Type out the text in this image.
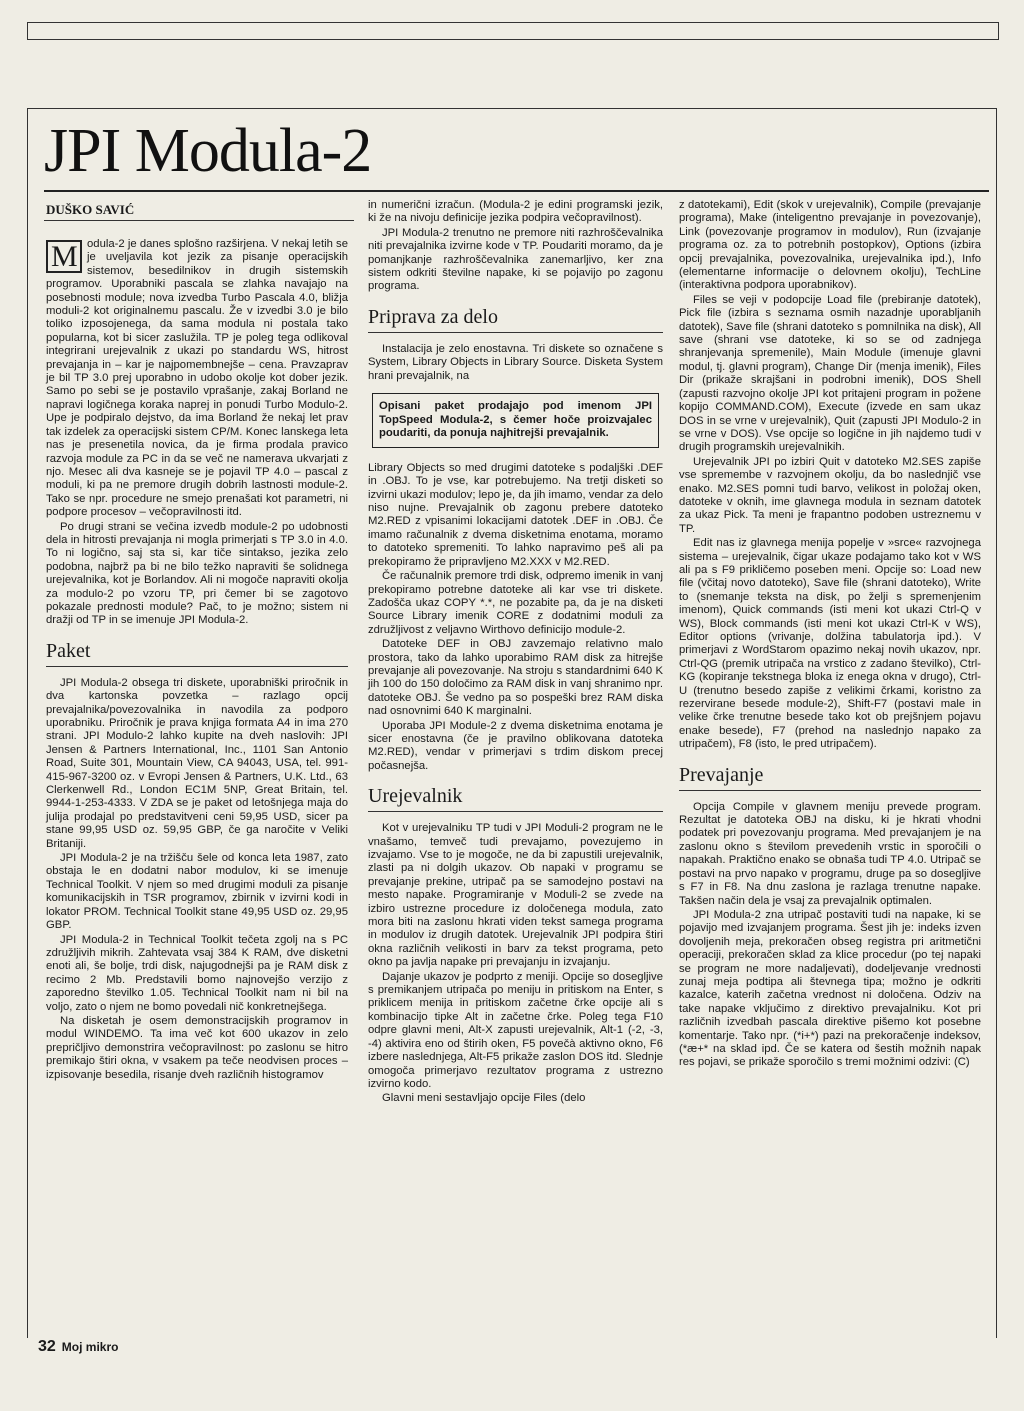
JPI Modula-2
DUŠKO SAVIĆ

M odula-2 je danes splošno razširjena. V nekaj letih se je uveljavila kot jezik za pisanje operacijskih sistemov, besedilnikov in drugih sistemskih programov. Uporabniki pascala se zlahka navajajo na posebnosti module; nova izvedba Turbo Pascala 4.0, bližja moduli-2 kot originalnemu pascalu. Že v izvedbi 3.0 je bilo toliko izposojenega, da sama modula ni postala tako popularna, kot bi sicer zaslužila. TP je poleg tega odlikoval integrirani urejevalnik z ukazi po standardu WS, hitrost prevajanja in – kar je najpomembnejše – cena. Pravzaprav je bil TP 3.0 prej uporabno in udobo okolje kot dober jezik. Samo po sebi se je postavilo vprašanje, zakaj Borland ne napravi logičnega koraka naprej in ponudi Turbo Modulo-2. Upe je podpiralo dejstvo, da ima Borland že nekaj let prav tak izdelek za operacijski sistem CP/M. Konec lanskega leta nas je presenetila novica, da je firma prodala pravico razvoja module za PC in da se več ne namerava ukvarjati z njo. Mesec ali dva kasneje se je pojavil TP 4.0 – pascal z moduli, ki pa ne premore drugih dobrih lastnosti module-2. Tako se npr. procedure ne smejo prenašati kot parametri, ni podpore procesov – večopravilnosti itd.

Po drugi strani se večina izvedb module-2 po udobnosti dela in hitrosti prevajanja ni mogla primerjati s TP 3.0 in 4.0. To ni logično, saj sta si, kar tiče sintakso, jezika zelo podobna, najbrž pa bi ne bilo težko napraviti še solidnega urejevalnika, kot je Borlandov. Ali ni mogoče napraviti okolja za modulo-2 po vzoru TP, pri čemer bi se zagotovo pokazale prednosti module? Pač, to je možno; sistem ni dražji od TP in se imenuje JPI Modula-2.

Paket

JPI Modula-2 obsega tri diskete, uporabniški priročnik in dva kartonska povzetka – razlago opcij prevajalnika/povezovalnika in navodila za podporo uporabniku. Priročnik je prava knjiga formata A4 in ima 270 strani. JPI Modulo-2 lahko kupite na dveh naslovih: JPI Jensen & Partners International, Inc., 1101 San Antonio Road, Suite 301, Mountain View, CA 94043, USA, tel. 991-415-967-3200 oz. v Evropi Jensen & Partners, U.K. Ltd., 63 Clerkenwell Rd., London EC1M 5NP, Great Britain, tel. 9944-1-253-4333. V ZDA se je paket od letošnjega maja do julija prodajal po predstavitveni ceni 59,95 USD, sicer pa stane 99,95 USD oz. 59,95 GBP, če ga naročite v Veliki Britaniji.

JPI Modula-2 je na tržišču šele od konca leta 1987, zato obstaja le en dodatni nabor modulov, ki se imenuje Technical Toolkit. V njem so med drugimi moduli za pisanje komunikacijskih in TSR programov, zbirnik v izvirni kodi in lokator PROM. Technical Toolkit stane 49,95 USD oz. 29,95 GBP.

JPI Modula-2 in Technical Toolkit tečeta zgolj na s PC združljivih mikrih. Zahtevata vsaj 384 K RAM, dve disketni enoti ali, še bolje, trdi disk, najugodnejši pa je RAM disk z recimo 2 Mb. Predstavili bomo najnovejšo verzijo z zaporedno številko 1.05. Technical Toolkit nam ni bil na voljo, zato o njem ne bomo povedali nič konkretnejšega.

Na disketah je osem demonstracijskih programov in modul WINDEMO. Ta ima več kot 600 ukazov in zelo prepričljivo demonstrira večopravilnost: po zaslonu se hitro premikajo štiri okna, v vsakem pa teče neodvisen proces – izpisovanje besedila, risanje dveh različnih histogramov

in numerični izračun. (Modula-2 je edini programski jezik, ki že na nivoju definicije jezika podpira večopravilnost).

JPI Modula-2 trenutno ne premore niti razhroščevalnika niti prevajalnika izvirne kode v TP. Poudariti moramo, da je pomanjkanje razhroščevalnika zanemarljivo, ker zna sistem odkriti številne napake, ki se pojavijo po zagonu programa.

Priprava za delo

Instalacija je zelo enostavna. Tri diskete so označene s System, Library Objects in Library Source. Disketa System hrani prevajalnik, na

Opisani paket prodajajo pod imenom JPI TopSpeed Modula-2, s čemer hoče proizvajalec poudariti, da ponuja najhitrejši prevajalnik.

Library Objects so med drugimi datoteke s podaljški .DEF in .OBJ. To je vse, kar potrebujemo. Na tretji disketi so izvirni ukazi modulov; lepo je, da jih imamo, vendar za delo niso nujne. Prevajalnik ob zagonu prebere datoteko M2.RED z vpisanimi lokacijami datotek .DEF in .OBJ. Če imamo računalnik z dvema disketnima enotama, moramo to datoteko spremeniti. To lahko napravimo peš ali pa prekopiramo že pripravljeno M2.XXX v M2.RED.

Če računalnik premore trdi disk, odpremo imenik in vanj prekopiramo potrebne datoteke ali kar vse tri diskete. Zadošča ukaz COPY *.*, ne pozabite pa, da je na disketi Source Library imenik CORE z dodatnimi moduli za združljivost z veljavno Wirthovo definicijo module-2.

Datoteke DEF in OBJ zavzemajo relativno malo prostora, tako da lahko uporabimo RAM disk za hitrejše prevajanje ali povezovanje. Na stroju s standardnimi 640 K jih 100 do 150 določimo za RAM disk in vanj shranimo npr. datoteke OBJ. Še vedno pa so pospeški brez RAM diska nad osnovnimi 640 K marginalni.

Uporaba JPI Module-2 z dvema disketnima enotama je sicer enostavna (če je pravilno oblikovana datoteka M2.RED), vendar v primerjavi s trdim diskom precej počasnejša.

Urejevalnik

Kot v urejevalniku TP tudi v JPI Moduli-2 program ne le vnašamo, temveč tudi prevajamo, povezujemo in izvajamo. Vse to je mogoče, ne da bi zapustili urejevalnik, zlasti pa ni dolgih ukazov. Ob napaki v programu se prevajanje prekine, utripač pa se samodejno postavi na mesto napake. Programiranje v Moduli-2 se zvede na izbiro ustrezne procedure iz določenega modula, zato mora biti na zaslonu hkrati viden tekst samega programa in modulov iz drugih datotek. Urejevalnik JPI podpira štiri okna različnih velikosti in barv za tekst programa, peto okno pa javlja napake pri prevajanju in izvajanju.

Dajanje ukazov je podprto z meniji. Opcije so dosegljive s premikanjem utripača po meniju in pritiskom na Enter, s priklicem menija in pritiskom začetne črke opcije ali s kombinacijo tipke Alt in začetne črke. Poleg tega F10 odpre glavni meni, Alt-X zapusti urejevalnik, Alt-1 (-2, -3, -4) aktivira eno od štirih oken, F5 povečà aktivno okno, F6 izbere naslednjega, Alt-F5 prikaže zaslon DOS itd. Slednje omogoča primerjavo rezultatov programa z ustrezno izvirno kodo.

Glavni meni sestavljajo opcije Files (delo

z datotekami), Edit (skok v urejevalnik), Compile (prevajanje programa), Make (inteligentno prevajanje in povezovanje), Link (povezovanje programov in modulov), Run (izvajanje programa oz. za to potrebnih postopkov), Options (izbira opcij prevajalnika, povezovalnika, urejevalnika ipd.), Info (elementarne informacije o delovnem okolju), TechLine (interaktivna podpora uporabnikov).

Files se veji v podopcije Load file (prebiranje datotek), Pick file (izbira s seznama osmih nazadnje uporabljanih datotek), Save file (shrani datoteko s pomnilnika na disk), All save (shrani vse datoteke, ki so se od zadnjega shranjevanja spremenile), Main Module (imenuje glavni modul, tj. glavni program), Change Dir (menja imenik), Files Dir (prikaže skrajšani in podrobni imenik), DOS Shell (zapusti razvojno okolje JPI kot pritajeni program in požene kopijo COMMAND.COM), Execute (izvede en sam ukaz DOS in se vrne v urejevalnik), Quit (zapusti JPI Modulo-2 in se vrne v DOS). Vse opcije so logične in jih najdemo tudi v drugih programskih urejevalnikih.

Urejevalnik JPI po izbiri Quit v datoteko M2.SES zapiše vse spremembe v razvojnem okolju, da bo naslednjič vse enako. M2.SES pomni tudi barvo, velikost in položaj oken, datoteke v oknih, ime glavnega modula in seznam datotek za ukaz Pick. Ta meni je frapantno podoben ustreznemu v TP.

Edit nas iz glavnega menija popelje v »srce« razvojnega sistema – urejevalnik, čigar ukaze podajamo tako kot v WS ali pa s F9 prikličemo poseben meni. Opcije so: Load new file (včitaj novo datoteko), Save file (shrani datoteko), Write to (snemanje teksta na disk, po želji s spremenjenim imenom), Quick commands (isti meni kot ukazi Ctrl-Q v WS), Block commands (isti meni kot ukazi Ctrl-K v WS), Editor options (vrivanje, dolžina tabulatorja ipd.). V primerjavi z WordStarom opazimo nekaj novih ukazov, npr. Ctrl-QG (premik utripača na vrstico z zadano številko), Ctrl-KG (kopiranje tekstnega bloka iz enega okna v drugo), Ctrl-U (trenutno besedo zapiše z velikimi črkami, koristno za rezervirane besede module-2), Shift-F7 (postavi male in velike črke trenutne besede tako kot ob prejšnjem pojavu enake besede), F7 (prehod na naslednjo napako za utripačem), F8 (isto, le pred utripačem).

Prevajanje

Opcija Compile v glavnem meniju prevede program. Rezultat je datoteka OBJ na disku, ki je hkrati vhodni podatek pri povezovanju programa. Med prevajanjem je na zaslonu okno s številom prevedenih vrstic in sporočili o napakah. Praktično enako se obnaša tudi TP 4.0. Utripač se postavi na prvo napako v programu, druge pa so dosegljive s F7 in F8. Na dnu zaslona je razlaga trenutne napake. Takšen način dela je vsaj za prevajalnik optimalen.

JPI Modula-2 zna utripač postaviti tudi na napake, ki se pojavijo med izvajanjem programa. Šest jih je: indeks izven dovoljenih meja, prekoračen obseg registra pri aritmetični operaciji, prekoračen sklad za klice procedur (po tej napaki se program ne more nadaljevati), dodeljevanje vrednosti zunaj meja podtipa ali števnega tipa; možno je odkriti kazalce, katerih začetna vrednost ni določena. Odziv na take napake vključimo z direktivo prevajalniku. Kot pri različnih izvedbah pascala direktive pišemo kot posebne komentarje. Tako npr. (*i+*) pazi na prekoračenje indeksov, (*æ+* na sklad ipd. Če se katera od šestih možnih napak res pojavi, se prikaže sporočilo s tremi možnimi odzivi: (C)

32 Moj mikro
